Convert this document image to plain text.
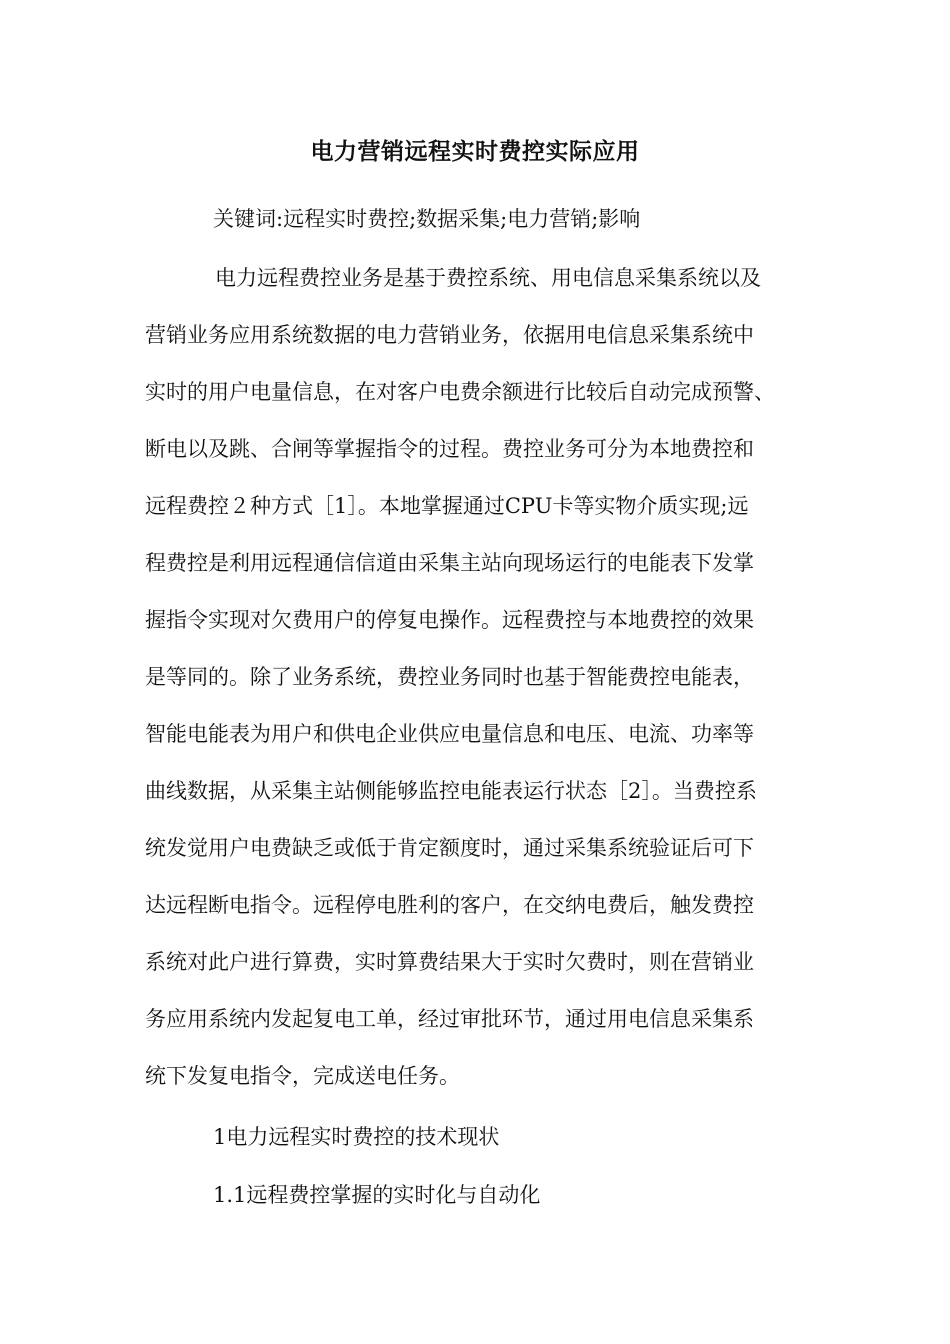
电力营销远程实时费控实际应用
关键词:远程实时费控;数据采集;电力营销;影响
电力远程费控业务是基于费控系统、用电信息采集系统以及
营销业务应用系统数据的电力营销业务，依据用电信息采集系统中
实时的用户电量信息，在对客户电费余额进行比较后自动完成预警、
断电以及跳、合闸等掌握指令的过程。费控业务可分为本地费控和
远程费控２种方式［1］。本地掌握通过CPU卡等实物介质实现;远
程费控是利用远程通信信道由采集主站向现场运行的电能表下发掌
握指令实现对欠费用户的停复电操作。远程费控与本地费控的效果
是等同的。除了业务系统，费控业务同时也基于智能费控电能表，
智能电能表为用户和供电企业供应电量信息和电压、电流、功率等
曲线数据，从采集主站侧能够监控电能表运行状态［2］。当费控系
统发觉用户电费缺乏或低于肯定额度时，通过采集系统验证后可下
达远程断电指令。远程停电胜利的客户，在交纳电费后，触发费控
系统对此户进行算费，实时算费结果大于实时欠费时，则在营销业
务应用系统内发起复电工单，经过审批环节，通过用电信息采集系
统下发复电指令，完成送电任务。
1电力远程实时费控的技术现状
1.1远程费控掌握的实时化与自动化
